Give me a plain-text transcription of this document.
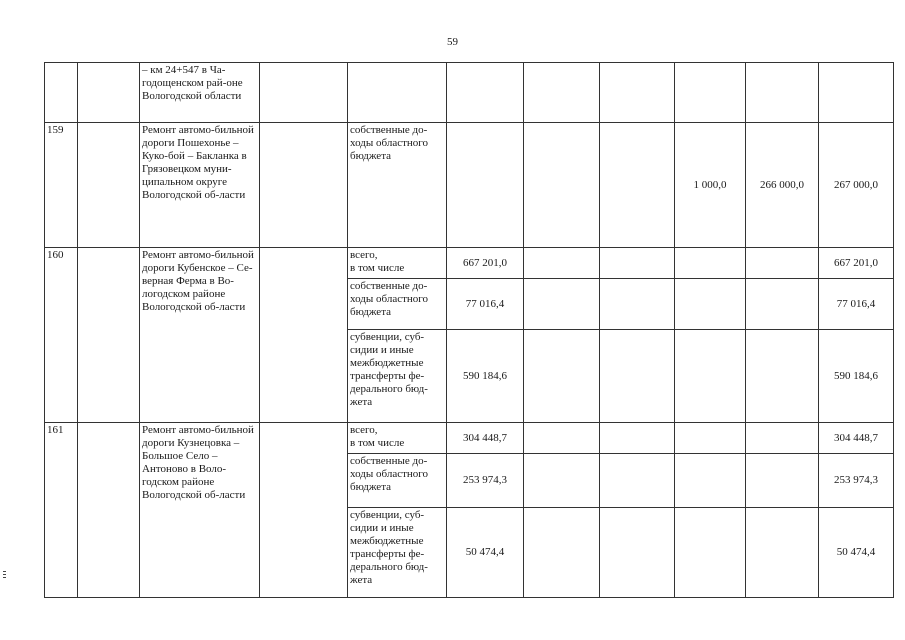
59
		– км 24+547 в Ча-годощенском рай-оне Вологодской области								
159		Ремонт автомо-бильной дороги Пошехонье – Куко-бой – Бакланка в Грязовецком муни-ципальном округе Вологодской об-ласти		собственные до-ходы областного бюджета				1 000,0	266 000,0	267 000,0
160		Ремонт автомо-бильной дороги Кубенское – Се-верная Ферма в Во-логодском районе Вологодской об-ласти		всего,
в том числе	667 201,0					667 201,0
				собственные до-ходы областного бюджета	77 016,4					77 016,4
				субвенции, суб-сидии и иные межбюджетные трансферты фе-дерального бюд-жета	590 184,6					590 184,6
161		Ремонт автомо-бильной дороги Кузнецовка – Большое Село – Антоново в Воло-годском районе Вологодской об-ласти		всего,
в том числе	304 448,7					304 448,7
				собственные до-ходы областного бюджета	253 974,3					253 974,3
				субвенции, суб-сидии и иные межбюджетные трансферты фе-дерального бюд-жета	50 474,4					50 474,4
